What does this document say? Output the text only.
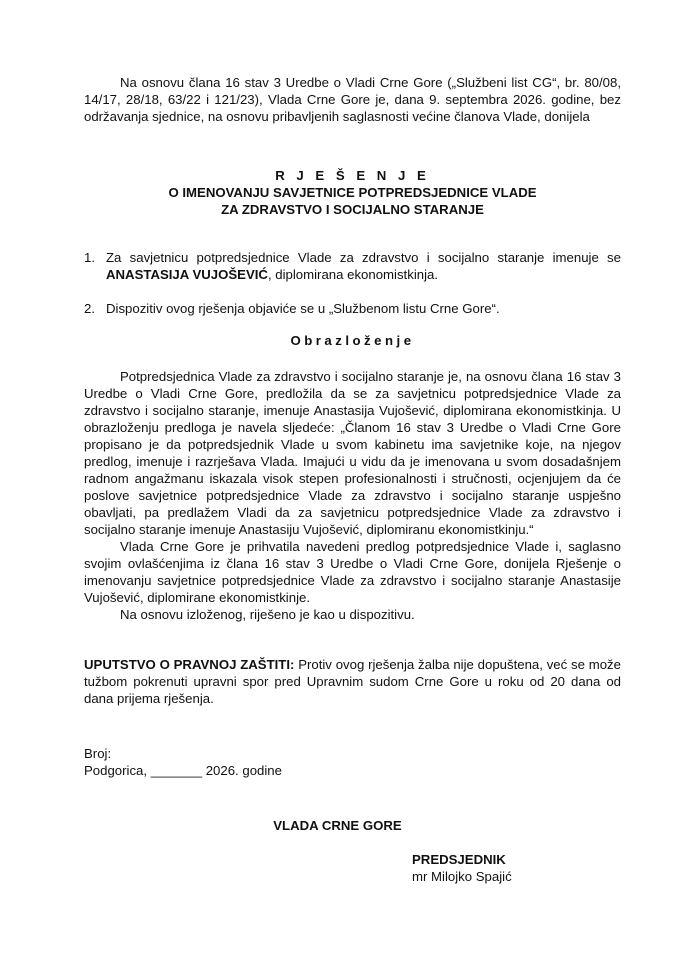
Na osnovu člana 16 stav 3 Uredbe o Vladi Crne Gore („Službeni list CG“, br. 80/08, 14/17, 28/18, 63/22 i 121/23), Vlada Crne Gore je, dana 9. septembra 2026. godine, bez održavanja sjednice, na osnovu pribavljenih saglasnosti većine članova Vlade, donijela

R J E Š E N J E

O IMENOVANJU SAVJETNICE POTPREDSJEDNICE VLADE

ZA ZDRAVSTVO I SOCIJALNO STARANJE

1. Za savjetnicu potpredsjednice Vlade za zdravstvo i socijalno staranje imenuje se ANASTASIJA VUJOŠEVIĆ, diplomirana ekonomistkinja.
2. Dispozitiv ovog rješenja objaviće se u „Službenom listu Crne Gore“.

Obrazloženje

Potpredsjednica Vlade za zdravstvo i socijalno staranje je, na osnovu člana 16 stav 3 Uredbe o Vladi Crne Gore, predložila da se za savjetnicu potpredsjednice Vlade za zdravstvo i socijalno staranje, imenuje Anastasija Vujošević, diplomirana ekonomistkinja. U obrazloženju predloga je navela sljedeće: „Članom 16 stav 3 Uredbe o Vladi Crne Gore propisano je da potpredsjednik Vlade u svom kabinetu ima savjetnike koje, na njegov predlog, imenuje i razrješava Vlada. Imajući u vidu da je imenovana u svom dosadašnjem radnom angažmanu iskazala visok stepen profesionalnosti i stručnosti, ocjenjujem da će poslove savjetnice potpredsjednice Vlade za zdravstvo i socijalno staranje uspješno obavljati, pa predlažem Vladi da za savjetnicu potpredsjednice Vlade za zdravstvo i socijalno staranje imenuje Anastasiju Vujošević, diplomiranu ekonomistkinju.“

Vlada Crne Gore je prihvatila navedeni predlog potpredsjednice Vlade i, saglasno svojim ovlašćenjima iz člana 16 stav 3 Uredbe o Vladi Crne Gore, donijela Rješenje o imenovanju savjetnice potpredsjednice Vlade za zdravstvo i socijalno staranje Anastasije Vujošević, diplomirane ekonomistkinje.

Na osnovu izloženog, riješeno je kao u dispozitivu.

UPUTSTVO O PRAVNOJ ZAŠTITI: Protiv ovog rješenja žalba nije dopuštena, već se može tužbom pokrenuti upravni spor pred Upravnim sudom Crne Gore u roku od 20 dana od dana prijema rješenja.

Broj:

Podgorica, _______ 2026. godine

VLADA CRNE GORE

PREDSJEDNIK

mr Milojko Spajić
